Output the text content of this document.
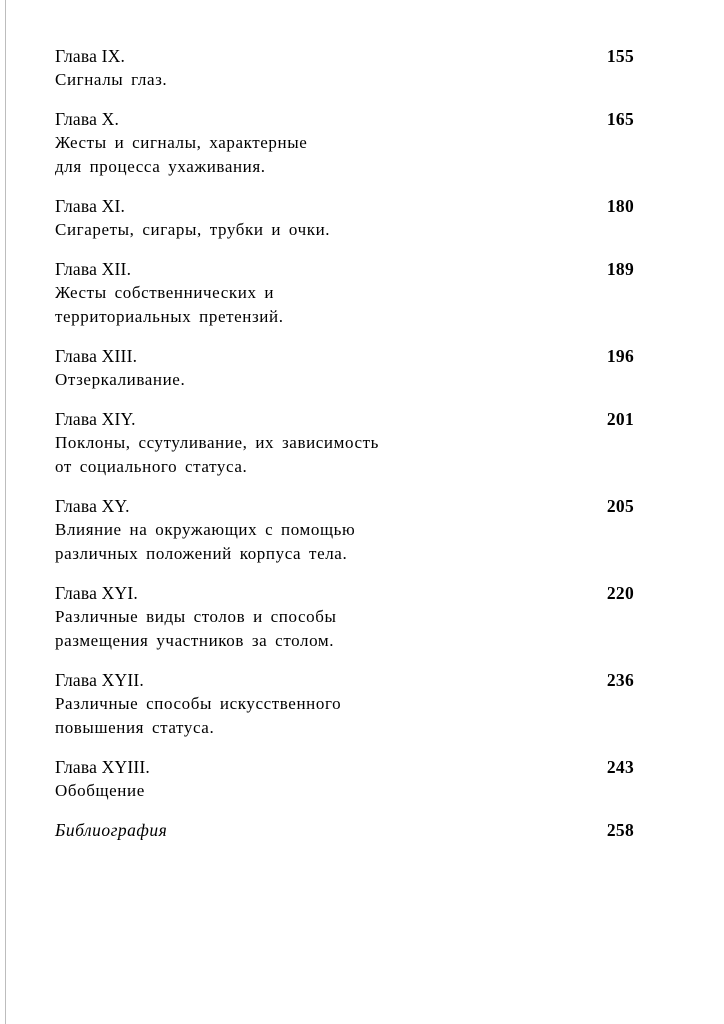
Глава IX.
Сигналы глаз.
155
Глава X.
Жесты и сигналы, характерные
для процесса ухаживания.
165
Глава XI.
Сигареты, сигары, трубки и очки.
180
Глава XII.
Жесты собственнических и
территориальных претензий.
189
Глава XIII.
Отзеркаливание.
196
Глава XIY.
Поклоны, ссутуливание, их зависимость
от социального статуса.
201
Глава XY.
Влияние на окружающих с помощью
различных положений корпуса тела.
205
Глава XYI.
Различные виды столов и способы
размещения участников за столом.
220
Глава XYII.
Различные способы искусственного
повышения статуса.
236
Глава XYIII.
Обобщение
243
Библиография	258
